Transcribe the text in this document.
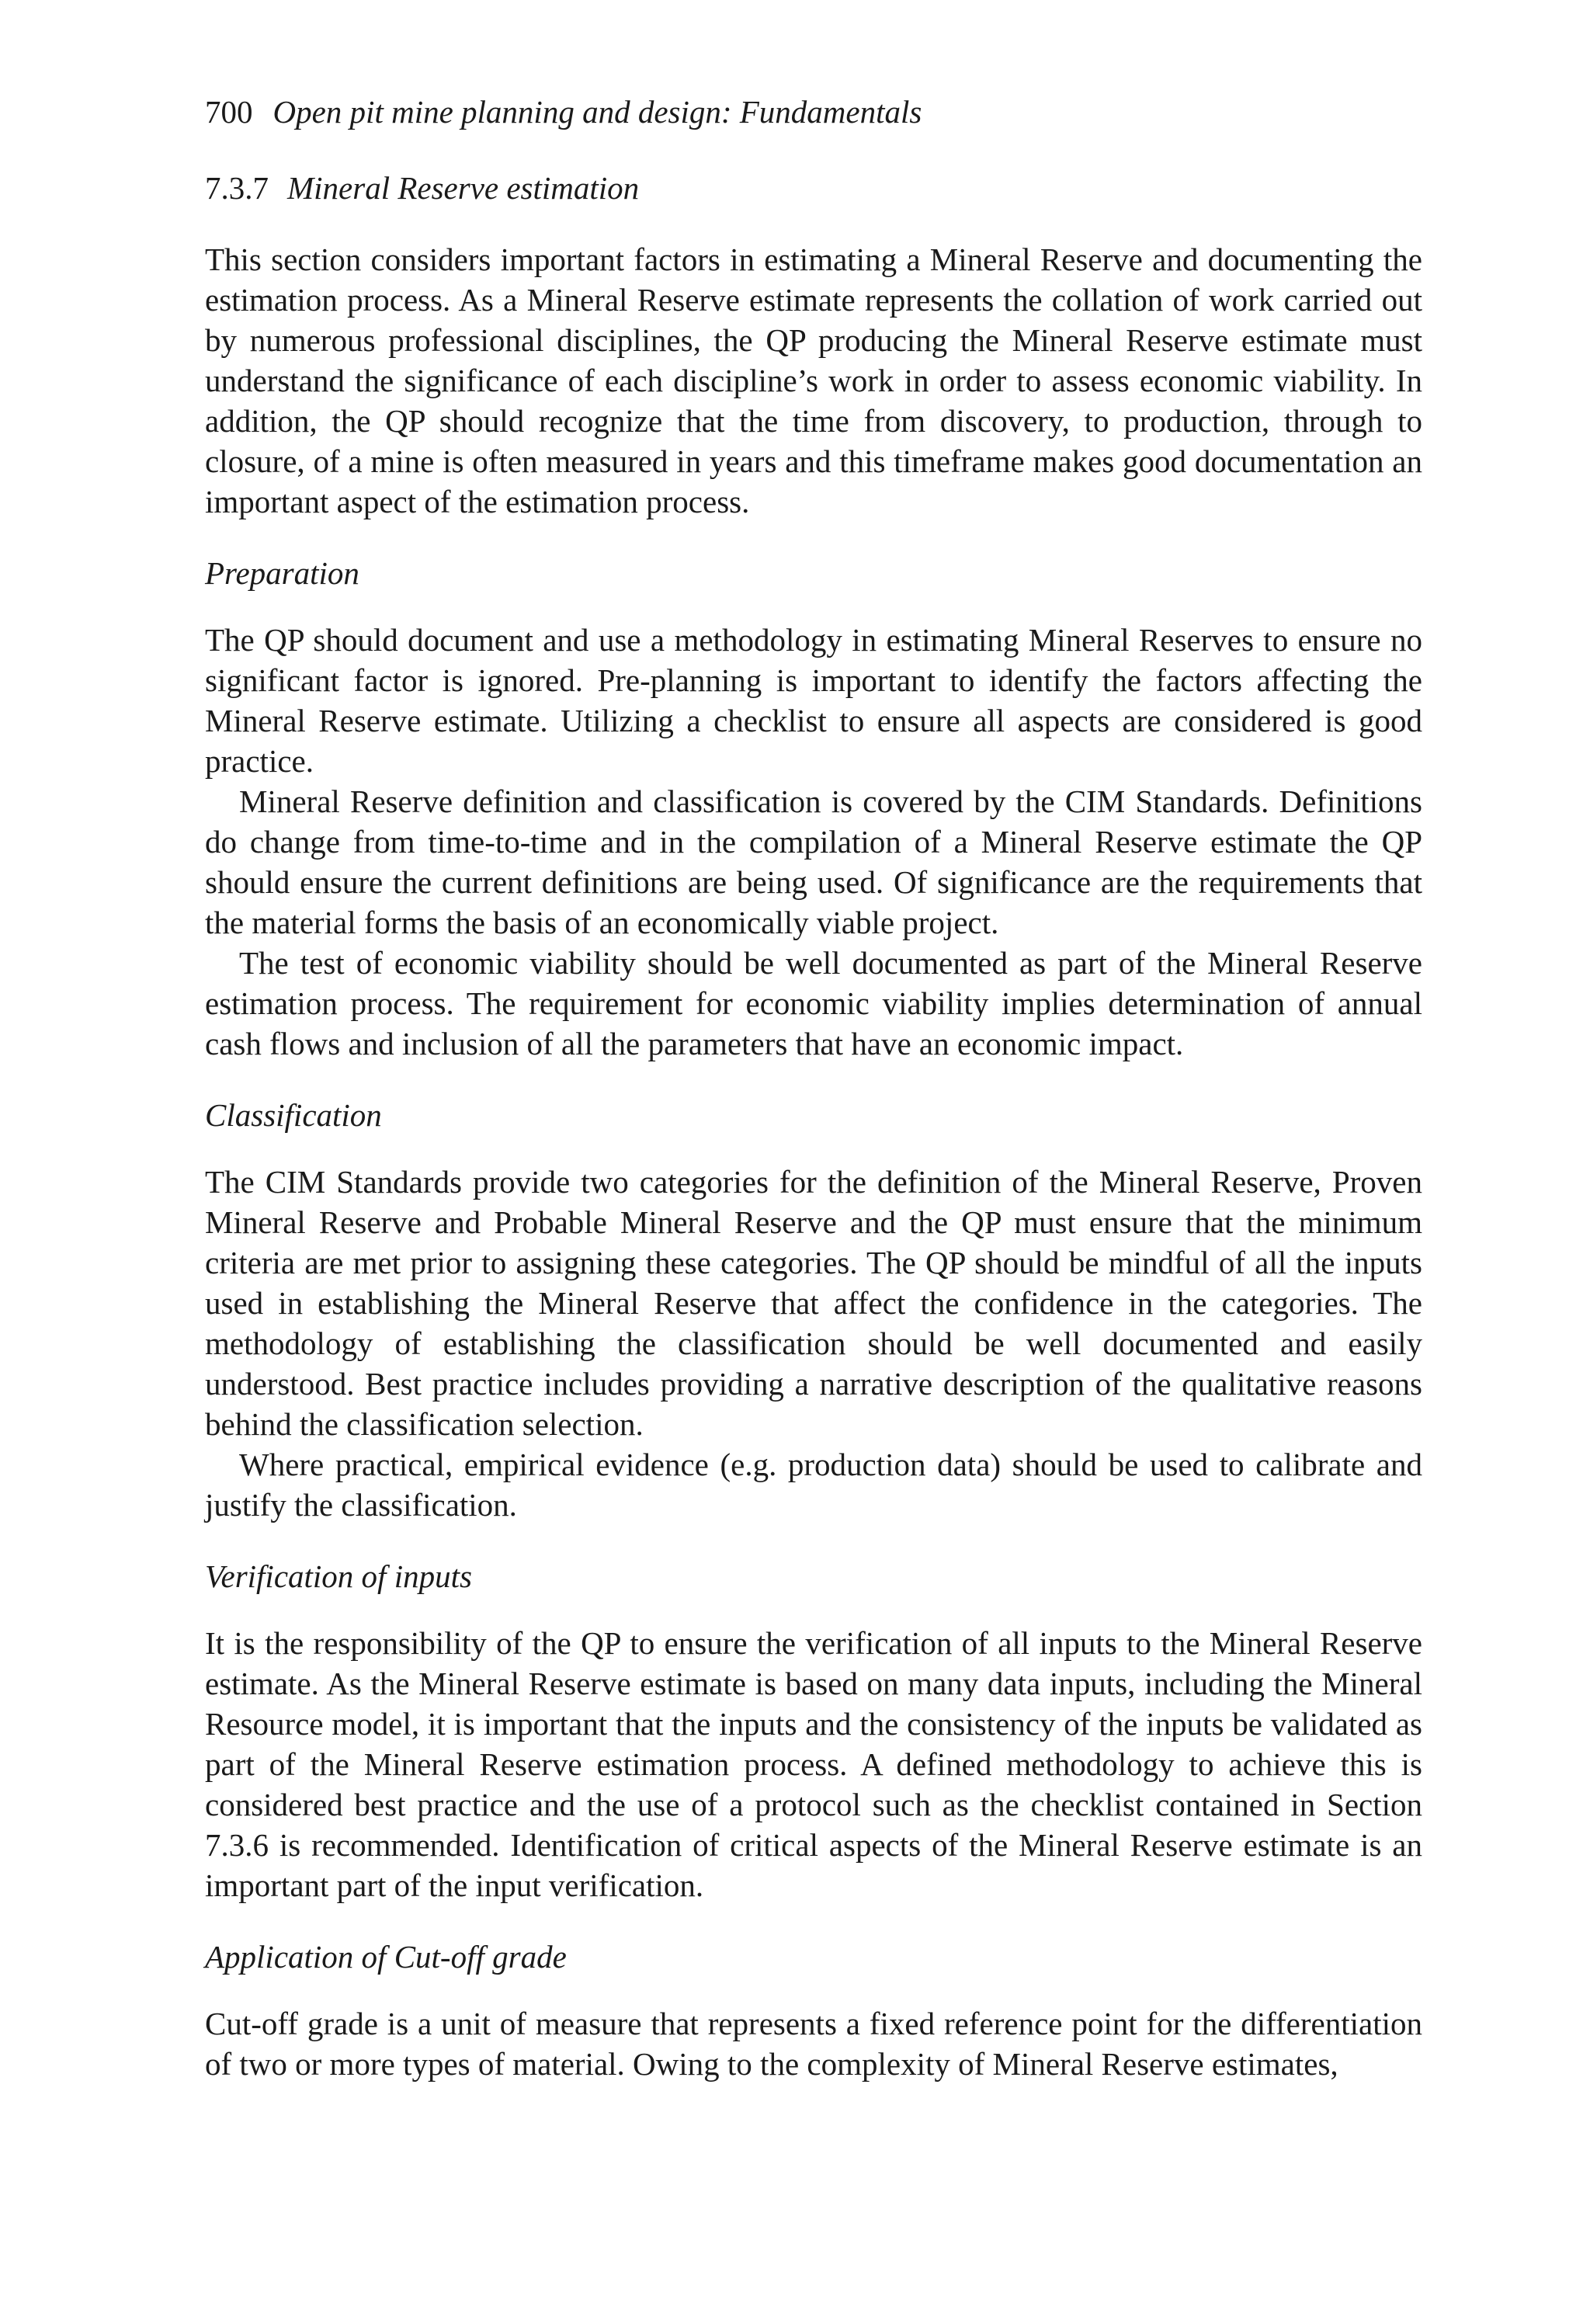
700 Open pit mine planning and design: Fundamentals
7.3.7 Mineral Reserve estimation

This section considers important factors in estimating a Mineral Reserve and documenting the estimation process. As a Mineral Reserve estimate represents the collation of work carried out by numerous professional disciplines, the QP producing the Mineral Reserve estimate must understand the significance of each discipline’s work in order to assess economic viability. In addition, the QP should recognize that the time from discovery, to production, through to closure, of a mine is often measured in years and this timeframe makes good documentation an important aspect of the estimation process.

Preparation

The QP should document and use a methodology in estimating Mineral Reserves to ensure no significant factor is ignored. Pre-planning is important to identify the factors affecting the Mineral Reserve estimate. Utilizing a checklist to ensure all aspects are considered is good practice.

Mineral Reserve definition and classification is covered by the CIM Standards. Definitions do change from time-to-time and in the compilation of a Mineral Reserve estimate the QP should ensure the current definitions are being used. Of significance are the requirements that the material forms the basis of an economically viable project.

The test of economic viability should be well documented as part of the Mineral Reserve estimation process. The requirement for economic viability implies determination of annual cash flows and inclusion of all the parameters that have an economic impact.

Classification

The CIM Standards provide two categories for the definition of the Mineral Reserve, Proven Mineral Reserve and Probable Mineral Reserve and the QP must ensure that the minimum criteria are met prior to assigning these categories. The QP should be mindful of all the inputs used in establishing the Mineral Reserve that affect the confidence in the categories. The methodology of establishing the classification should be well documented and easily understood. Best practice includes providing a narrative description of the qualitative reasons behind the classification selection.

Where practical, empirical evidence (e.g. production data) should be used to calibrate and justify the classification.

Verification of inputs

It is the responsibility of the QP to ensure the verification of all inputs to the Mineral Reserve estimate. As the Mineral Reserve estimate is based on many data inputs, including the Mineral Resource model, it is important that the inputs and the consistency of the inputs be validated as part of the Mineral Reserve estimation process. A defined methodology to achieve this is considered best practice and the use of a protocol such as the checklist contained in Section 7.3.6 is recommended. Identification of critical aspects of the Mineral Reserve estimate is an important part of the input verification.

Application of Cut-off grade

Cut-off grade is a unit of measure that represents a fixed reference point for the differentiation of two or more types of material. Owing to the complexity of Mineral Reserve estimates,
